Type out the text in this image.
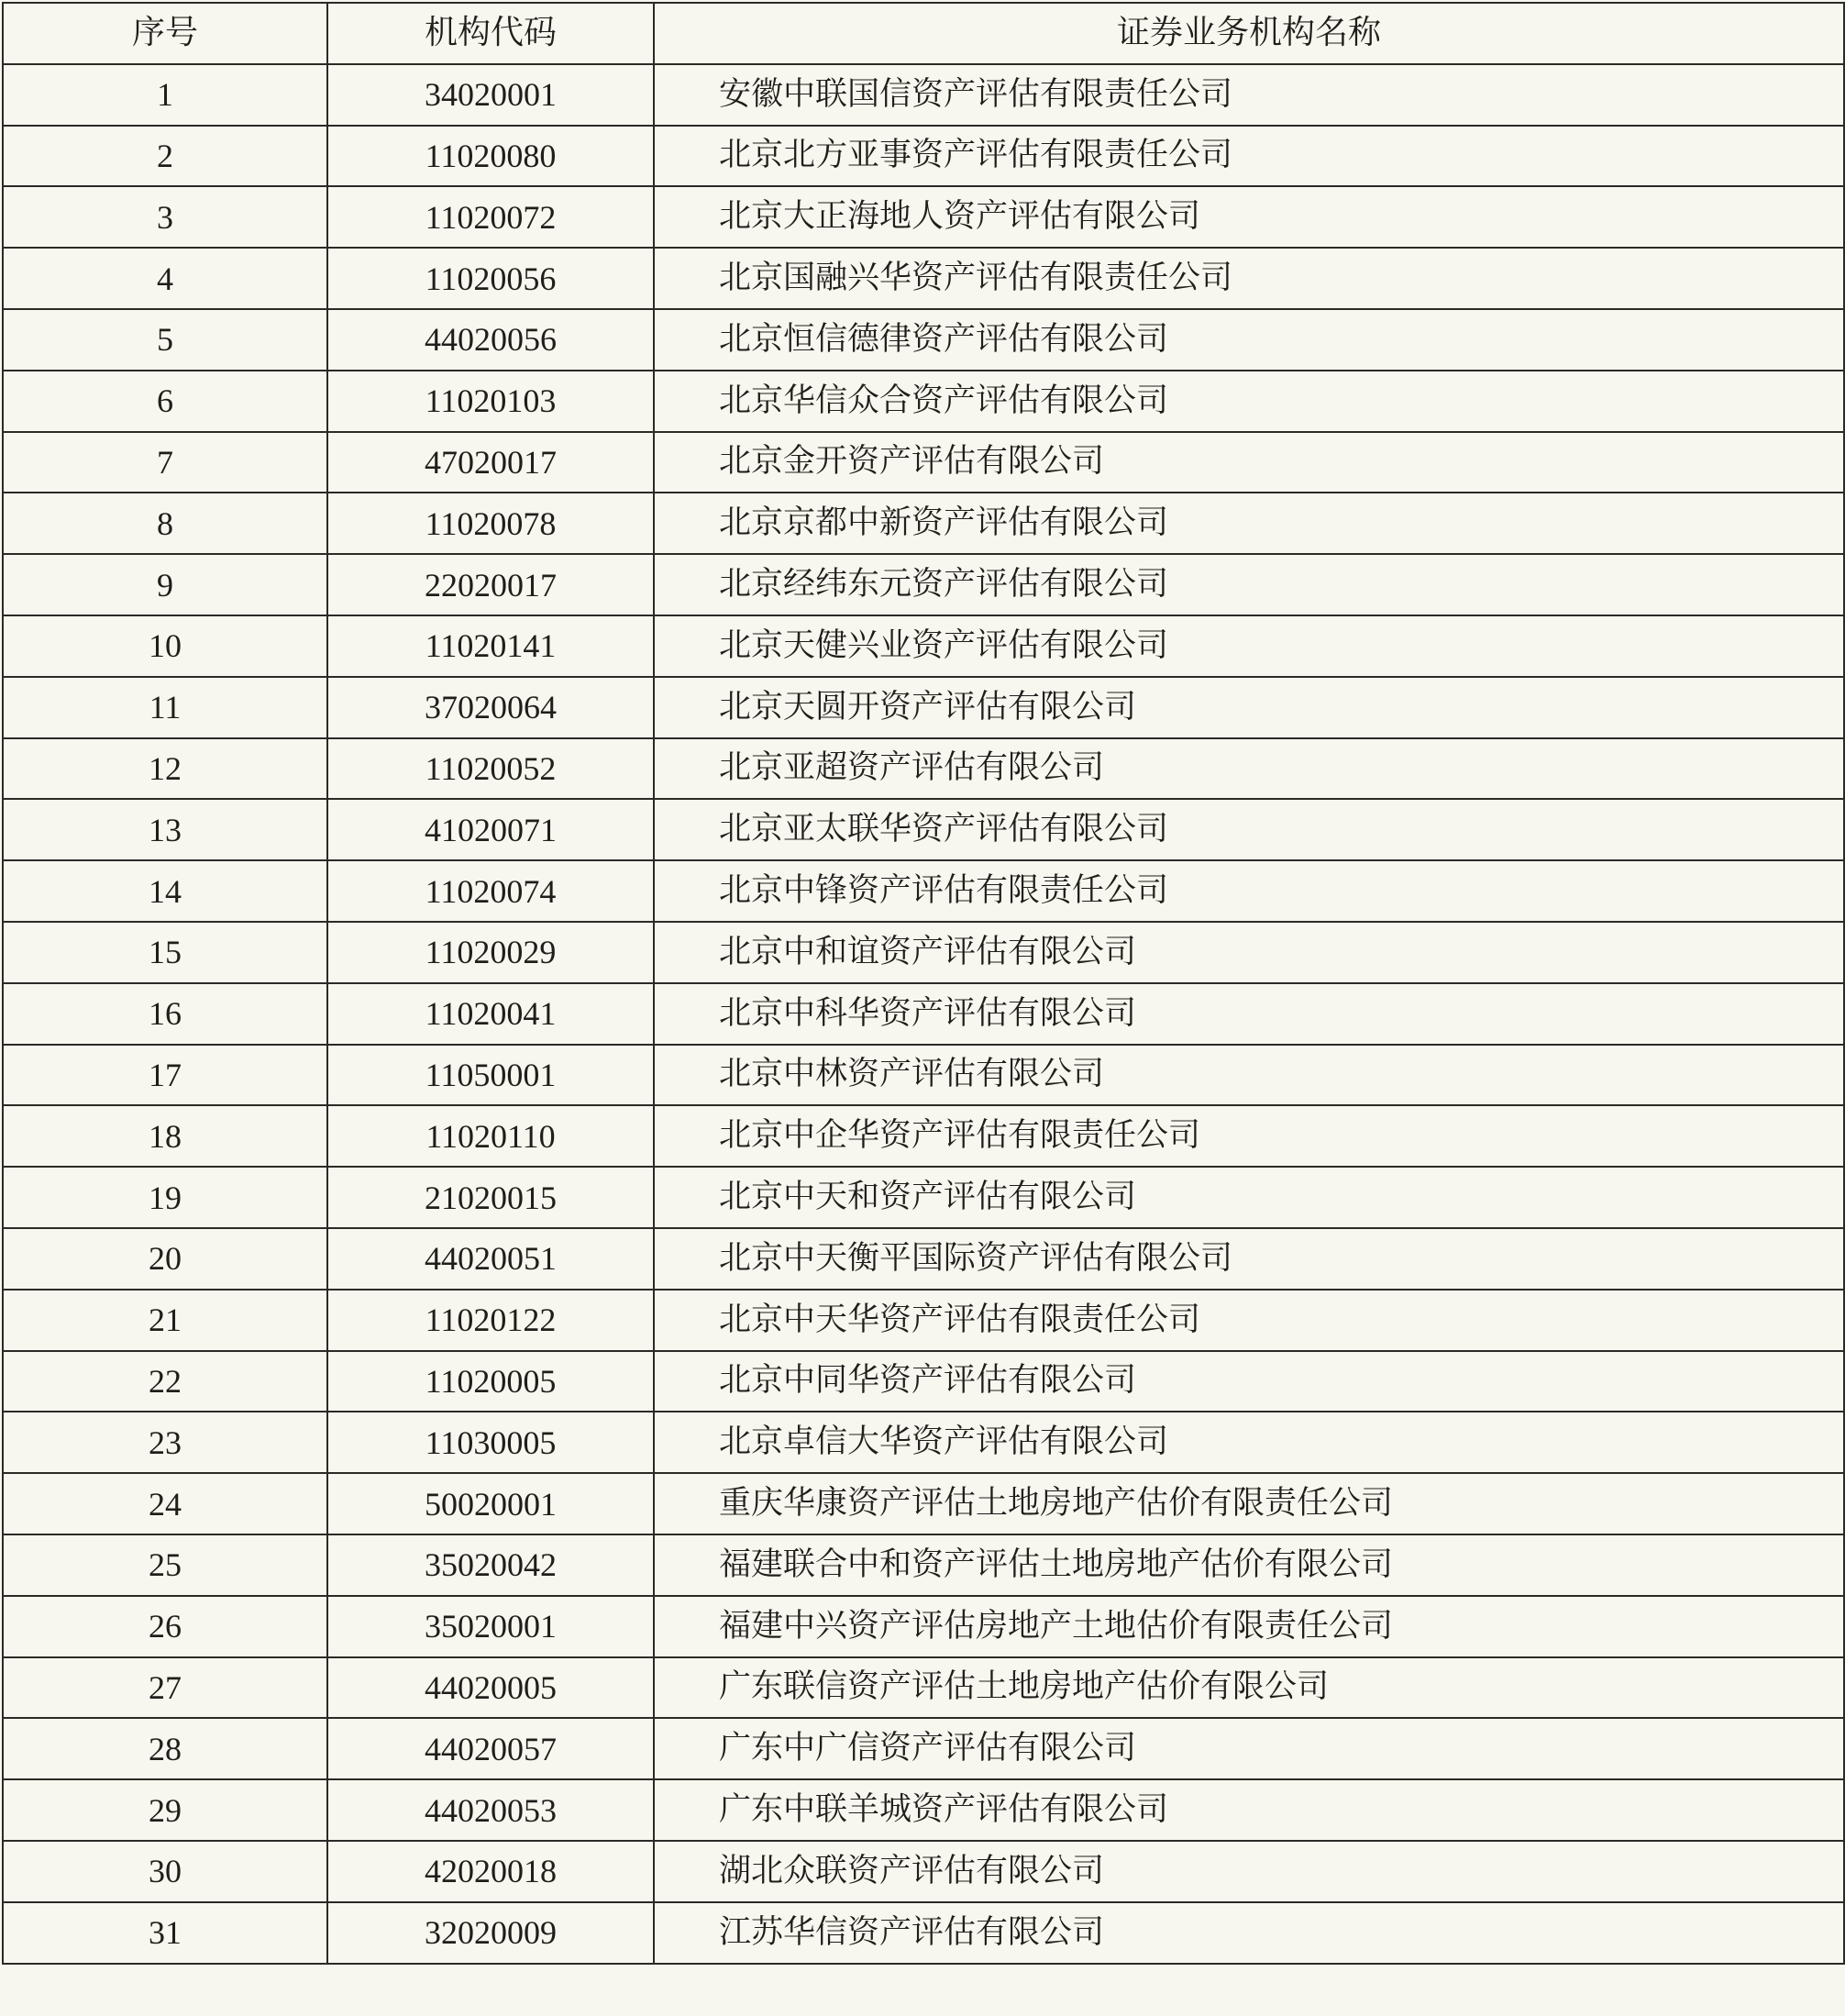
序号	机构代码	证券业务机构名称
1	34020001	安徽中联国信资产评估有限责任公司
2	11020080	北京北方亚事资产评估有限责任公司
3	11020072	北京大正海地人资产评估有限公司
4	11020056	北京国融兴华资产评估有限责任公司
5	44020056	北京恒信德律资产评估有限公司
6	11020103	北京华信众合资产评估有限公司
7	47020017	北京金开资产评估有限公司
8	11020078	北京京都中新资产评估有限公司
9	22020017	北京经纬东元资产评估有限公司
10	11020141	北京天健兴业资产评估有限公司
11	37020064	北京天圆开资产评估有限公司
12	11020052	北京亚超资产评估有限公司
13	41020071	北京亚太联华资产评估有限公司
14	11020074	北京中锋资产评估有限责任公司
15	11020029	北京中和谊资产评估有限公司
16	11020041	北京中科华资产评估有限公司
17	11050001	北京中林资产评估有限公司
18	11020110	北京中企华资产评估有限责任公司
19	21020015	北京中天和资产评估有限公司
20	44020051	北京中天衡平国际资产评估有限公司
21	11020122	北京中天华资产评估有限责任公司
22	11020005	北京中同华资产评估有限公司
23	11030005	北京卓信大华资产评估有限公司
24	50020001	重庆华康资产评估土地房地产估价有限责任公司
25	35020042	福建联合中和资产评估土地房地产估价有限公司
26	35020001	福建中兴资产评估房地产土地估价有限责任公司
27	44020005	广东联信资产评估土地房地产估价有限公司
28	44020057	广东中广信资产评估有限公司
29	44020053	广东中联羊城资产评估有限公司
30	42020018	湖北众联资产评估有限公司
31	32020009	江苏华信资产评估有限公司
